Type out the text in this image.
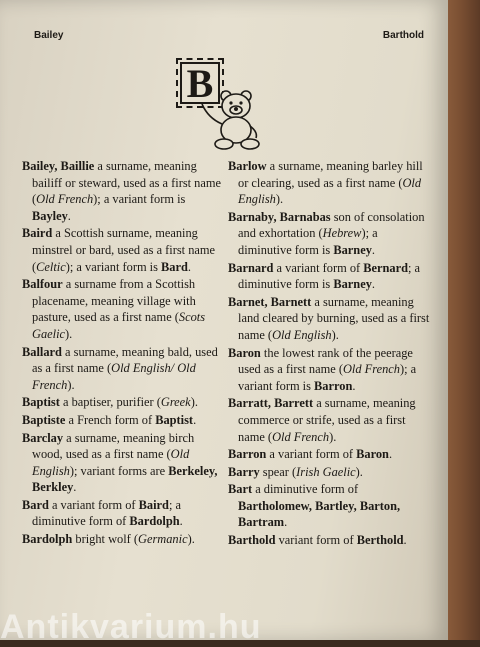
Bailey	Barthold
B
Bailey, Baillie a surname, meaning bailiff or steward, used as a first name (Old French); a variant form is Bayley.
Baird a Scottish surname, meaning minstrel or bard, used as a first name (Celtic); a variant form is Bard.
Balfour a surname from a Scottish placename, meaning village with pasture, used as a first name (Scots Gaelic).
Ballard a surname, meaning bald, used as a first name (Old English/ Old French).
Baptist a baptiser, purifier (Greek).
Baptiste a French form of Baptist.
Barclay a surname, meaning birch wood, used as a first name (Old English); variant forms are Berkeley, Berkley.
Bard a variant form of Baird; a diminutive form of Bardolph.
Bardolph bright wolf (Germanic).
Barlow a surname, meaning barley hill or clearing, used as a first name (Old English).
Barnaby, Barnabas son of consolation and exhortation (Hebrew); a diminutive form is Barney.
Barnard a variant form of Bernard; a diminutive form is Barney.
Barnet, Barnett a surname, meaning land cleared by burning, used as a first name (Old English).
Baron the lowest rank of the peerage used as a first name (Old French); a variant form is Barron.
Barratt, Barrett a surname, meaning commerce or strife, used as a first name (Old French).
Barron a variant form of Baron.
Barry spear (Irish Gaelic).
Bart a diminutive form of Bartholomew, Bartley, Barton, Bartram.
Barthold variant form of Berthold.
Antikvarium.hu
